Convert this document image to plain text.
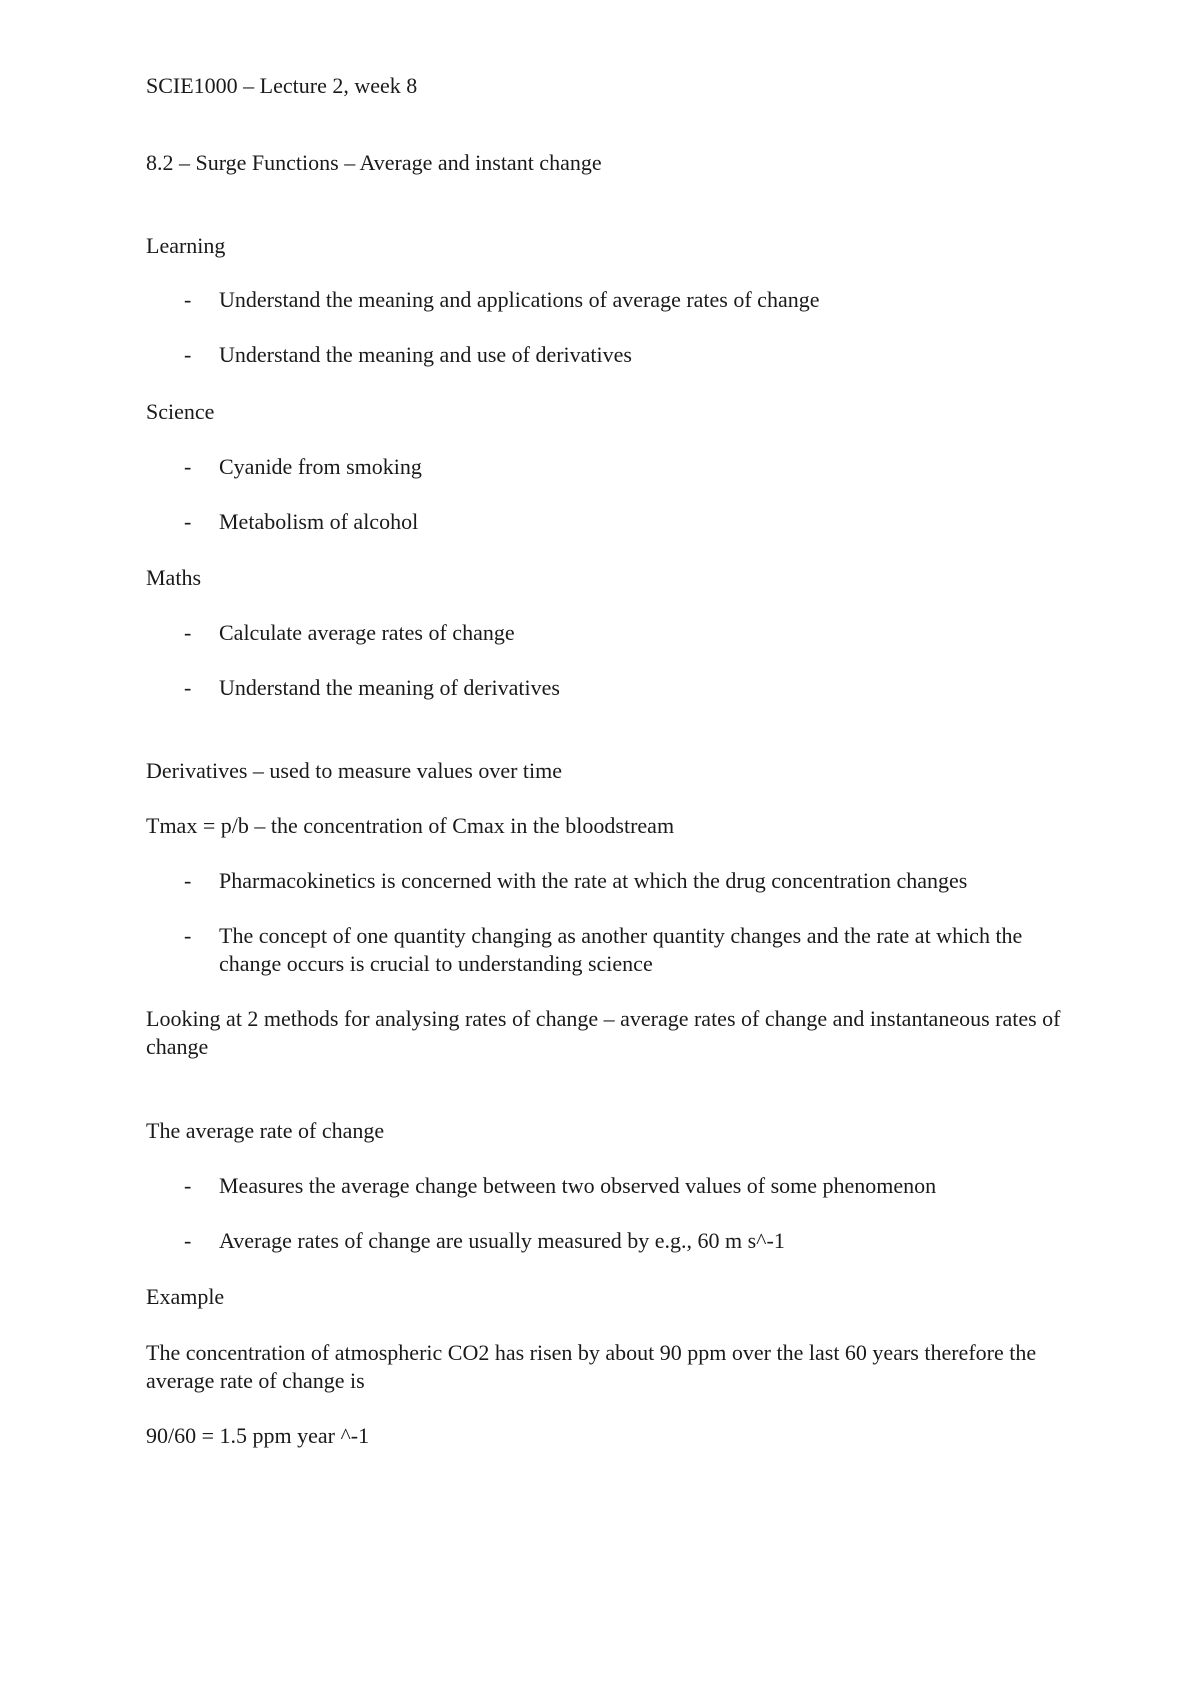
SCIE1000 – Lecture 2, week 8

8.2 – Surge Functions – Average and instant change

Learning

- Understand the meaning and applications of average rates of change
- Understand the meaning and use of derivatives

Science

- Cyanide from smoking
- Metabolism of alcohol

Maths

- Calculate average rates of change
- Understand the meaning of derivatives

Derivatives – used to measure values over time

Tmax = p/b – the concentration of Cmax in the bloodstream

- Pharmacokinetics is concerned with the rate at which the drug concentration changes
- The concept of one quantity changing as another quantity changes and the rate at which the change occurs is crucial to understanding science

Looking at 2 methods for analysing rates of change – average rates of change and instantaneous rates of change

The average rate of change

- Measures the average change between two observed values of some phenomenon
- Average rates of change are usually measured by e.g., 60 m s^-1

Example

The concentration of atmospheric CO2 has risen by about 90 ppm over the last 60 years therefore the average rate of change is

90/60 = 1.5 ppm year ^-1
